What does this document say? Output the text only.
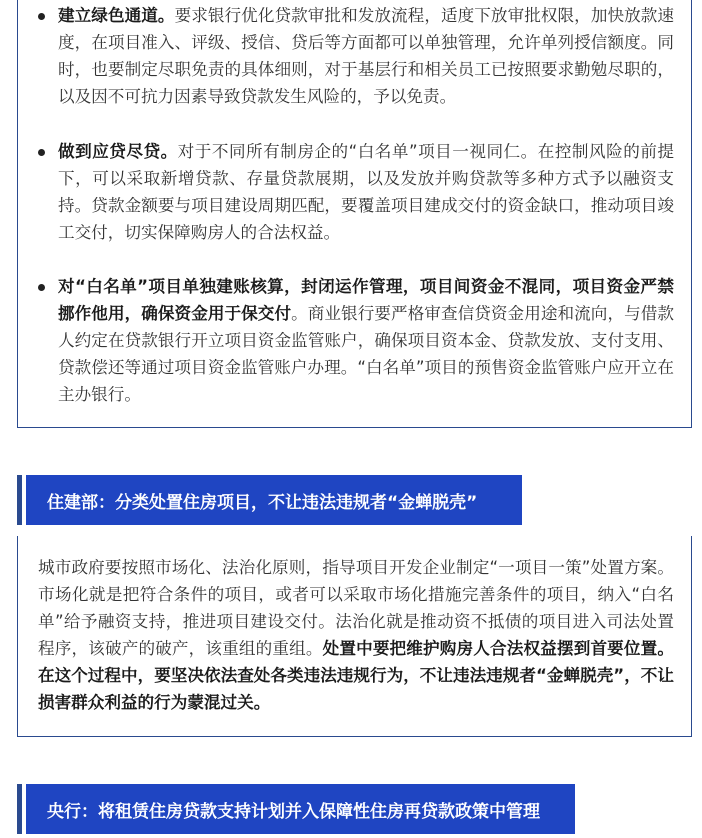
建立绿色通道。要求银行优化贷款审批和发放流程，适度下放审批权限，加快放款速度，在项目准入、评级、授信、贷后等方面都可以单独管理，允许单列授信额度。同时，也要制定尽职免责的具体细则，对于基层行和相关员工已按照要求勤勉尽职的，以及因不可抗力因素导致贷款发生风险的，予以免责。
做到应贷尽贷。对于不同所有制房企的“白名单”项目一视同仁。在控制风险的前提下，可以采取新增贷款、存量贷款展期，以及发放并购贷款等多种方式予以融资支持。贷款金额要与项目建设周期匹配，要覆盖项目建成交付的资金缺口，推动项目竣工交付，切实保障购房人的合法权益。
对“白名单”项目单独建账核算，封闭运作管理，项目间资金不混同，项目资金严禁挪作他用，确保资金用于保交付。商业银行要严格审查信贷资金用途和流向，与借款人约定在贷款银行开立项目资金监管账户，确保项目资本金、贷款发放、支付支用、贷款偿还等通过项目资金监管账户办理。“白名单”项目的预售资金监管账户应开立在主办银行。
住建部：分类处置住房项目，不让违法违规者“金蝉脱壳”

城市政府要按照市场化、法治化原则，指导项目开发企业制定“一项目一策”处置方案。市场化就是把符合条件的项目，或者可以采取市场化措施完善条件的项目，纳入“白名单”给予融资支持，推进项目建设交付。法治化就是推动资不抵债的项目进入司法处置程序，该破产的破产，该重组的重组。处置中要把维护购房人合法权益摆到首要位置。在这个过程中，要坚决依法查处各类违法违规行为，不让违法违规者“金蝉脱壳”，不让损害群众利益的行为蒙混过关。

央行：将租赁住房贷款支持计划并入保障性住房再贷款政策中管理
